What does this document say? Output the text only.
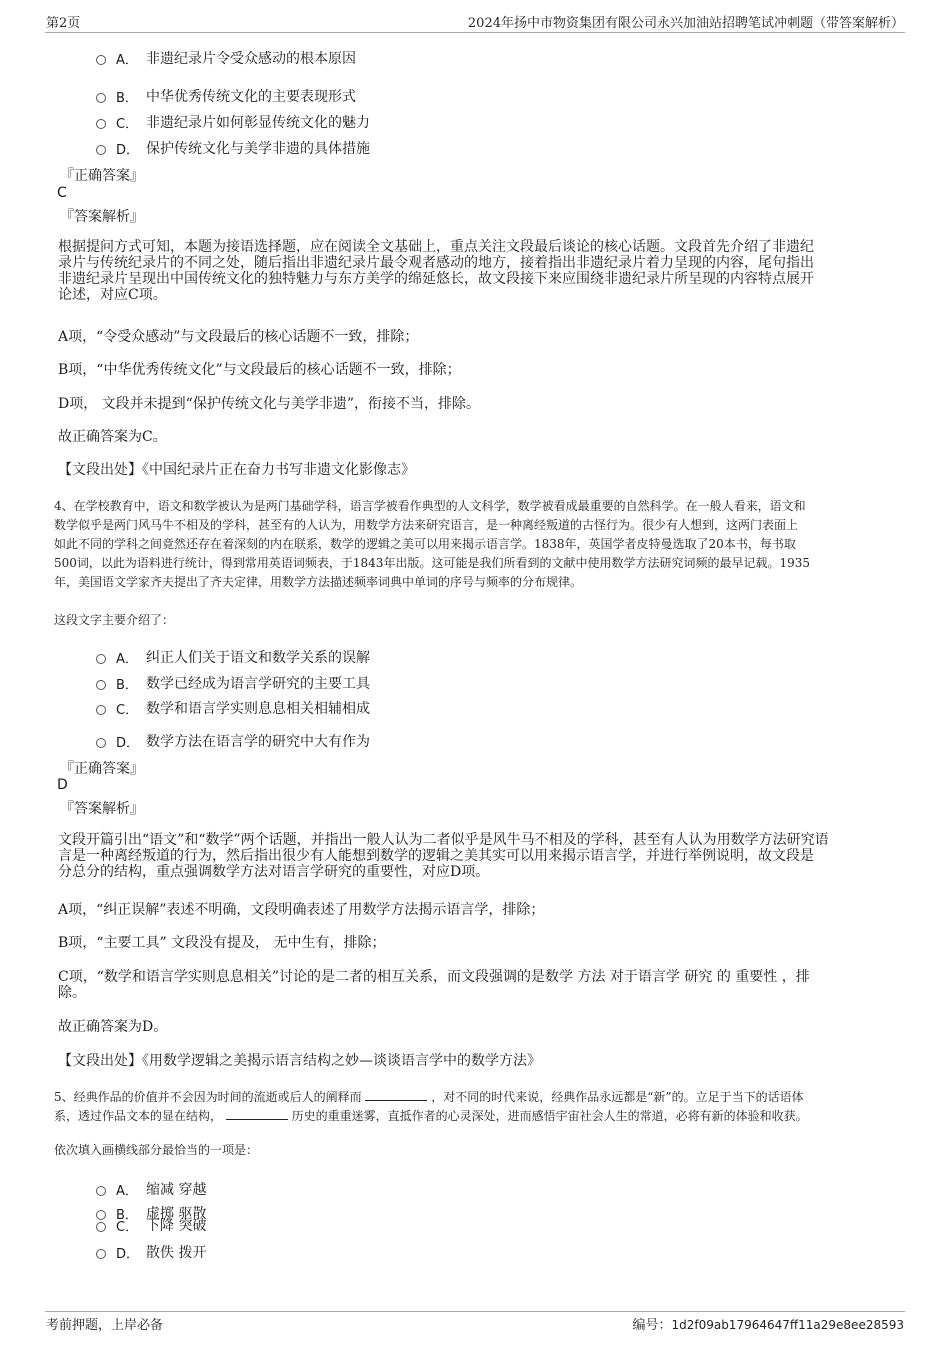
第2页	2024年扬中市物资集团有限公司永兴加油站招聘笔试冲刺题（带答案解析）
A． 非遗纪录片令受众感动的根本原因
B． 中华优秀传统文化的主要表现形式
C． 非遗纪录片如何彰显传统文化的魅力
D． 保护传统文化与美学非遗的具体措施
『正确答案』
C
『答案解析』
根据提问方式可知，本题为接语选择题，应在阅读全文基础上，重点关注文段最后谈论的核心话题。文段首先介绍了非遗纪
录片与传统纪录片的不同之处，随后指出非遗纪录片最令观者感动的地方，接着指出非遗纪录片着力呈现的内容，尾句指出
非遗纪录片呈现出中国传统文化的独特魅力与东方美学的绵延悠长，故文段接下来应围绕非遗纪录片所呈现的内容特点展开
论述，对应C项。
A项，“令受众感动”与文段最后的核心话题不一致，排除；
B项，“中华优秀传统文化”与文段最后的核心话题不一致，排除；
D项， 文段并未提到“保护传统文化与美学非遗”，衔接不当，排除。
故正确答案为C。
【文段出处】《中国纪录片正在奋力书写非遗文化影像志》
4、在学校教育中，语文和数学被认为是两门基础学科，语言学被看作典型的人文科学，数学被看成最重要的自然科学。在一般人看来，语文和
数学似乎是两门风马牛不相及的学科，甚至有的人认为，用数学方法来研究语言，是一种离经叛道的古怪行为。很少有人想到，这两门表面上
如此不同的学科之间竟然还存在着深刻的内在联系，数学的逻辑之美可以用来揭示语言学。1838年，英国学者皮特曼选取了20本书，每书取
500词，以此为语料进行统计，得到常用英语词频表，于1843年出版。这可能是我们所看到的文献中使用数学方法研究词频的最早记载。1935
年，美国语文学家齐夫提出了齐夫定律，用数学方法描述频率词典中单词的序号与频率的分布规律。
这段文字主要介绍了：
A． 纠正人们关于语文和数学关系的误解
B． 数学已经成为语言学研究的主要工具
C． 数学和语言学实则息息相关相辅相成
D． 数学方法在语言学的研究中大有作为
『正确答案』
D
『答案解析』
文段开篇引出“语文”和“数学”两个话题，并指出一般人认为二者似乎是风牛马不相及的学科，甚至有人认为用数学方法研究语
言是一种离经叛道的行为，然后指出很少有人能想到数学的逻辑之美其实可以用来揭示语言学，并进行举例说明，故文段是
分总分的结构，重点强调数学方法对语言学研究的重要性，对应D项。
A项，“纠正误解”表述不明确，文段明确表述了用数学方法揭示语言学，排除；
B项，“主要工具” 文段没有提及， 无中生有，排除；
C项，“数学和语言学实则息息相关”讨论的是二者的相互关系，而文段强调的是数学 方法 对于语言学 研究 的 重要性 ，排
除。
故正确答案为D。
【文段出处】《用数学逻辑之美揭示语言结构之妙—谈谈语言学中的数学方法》
5、经典作品的价值并不会因为时间的流逝或后人的阐释而	，对不同的时代来说，经典作品永远都是“新”的。立足于当下的话语体
系，透过作品文本的显在结构，	历史的重重迷雾，直抵作者的心灵深处，进而感悟宇宙社会人生的常道，必将有新的体验和收获。
依次填入画横线部分最恰当的一项是：
A． 缩减 穿越
B． 虚掷 驱散
C． 下降 突破
D． 散佚 拨开
考前押题，上岸必备	编号：1d2f09ab17964647ff11a29e8ee28593
